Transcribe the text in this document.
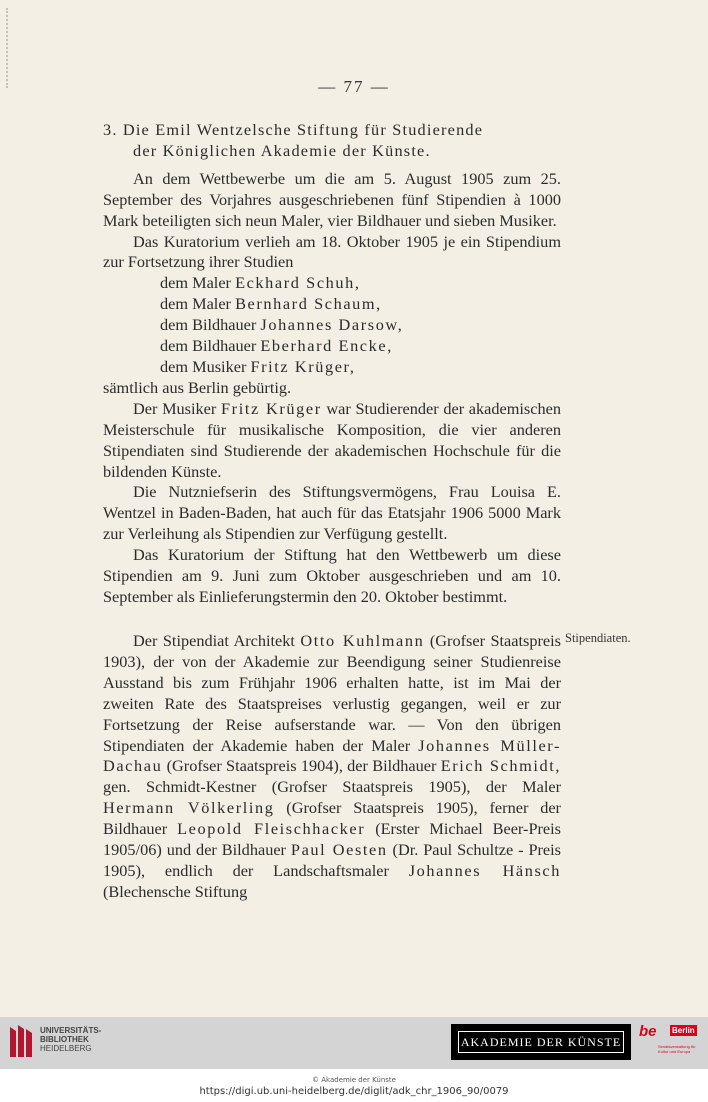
— 77 —

3. Die Emil Wentzelsche Stiftung für Studierende
der Königlichen Akademie der Künste.

An dem Wettbewerbe um die am 5. August 1905 zum 25. September des Vorjahres ausgeschriebenen fünf Stipendien à 1000 Mark beteiligten sich neun Maler, vier Bildhauer und sieben Musiker.

Das Kuratorium verlieh am 18. Oktober 1905 je ein Stipendium zur Fortsetzung ihrer Studien

dem Maler Eckhard Schuh,
dem Maler Bernhard Schaum,
dem Bildhauer Johannes Darsow,
dem Bildhauer Eberhard Encke,
dem Musiker Fritz Krüger,

sämtlich aus Berlin gebürtig.

Der Musiker Fritz Krüger war Studierender der akademischen Meisterschule für musikalische Komposition, die vier anderen Stipendiaten sind Studierende der akademischen Hochschule für die bildenden Künste.

Die Nutzniefserin des Stiftungsvermögens, Frau Louisa E. Wentzel in Baden-Baden, hat auch für das Etatsjahr 1906 5000 Mark zur Verleihung als Stipendien zur Verfügung gestellt.

Das Kuratorium der Stiftung hat den Wettbewerb um diese Stipendien am 9. Juni zum Oktober ausgeschrieben und am 10. September als Einlieferungstermin den 20. Oktober bestimmt.

Der Stipendiat Architekt Otto Kuhlmann (Grofser Staatspreis 1903), der von der Akademie zur Beendigung seiner Studienreise Ausstand bis zum Frühjahr 1906 erhalten hatte, ist im Mai der zweiten Rate des Staatspreises verlustig gegangen, weil er zur Fortsetzung der Reise aufserstande war. — Von den übrigen Stipendiaten der Akademie haben der Maler Johannes Müller-Dachau (Grofser Staatspreis 1904), der Bildhauer Erich Schmidt, gen. Schmidt-Kestner (Grofser Staatspreis 1905), der Maler Hermann Völkerling (Grofser Staatspreis 1905), ferner der Bildhauer Leopold Fleischhacker (Erster Michael Beer-Preis 1905/06) und der Bildhauer Paul Oesten (Dr. Paul Schultze - Preis 1905), endlich der Landschaftsmaler Johannes Hänsch (Blechensche Stiftung

Stipendiaten.
UNIVERSITÄTS-
BIBLIOTHEK
HEIDELBERG	AKADEMIE DER KÜNSTE
be Berlin
Senatsverwaltung für Kultur und Europa
© Akademie der Künste
https://digi.ub.uni-heidelberg.de/diglit/adk_chr_1906_90/0079
